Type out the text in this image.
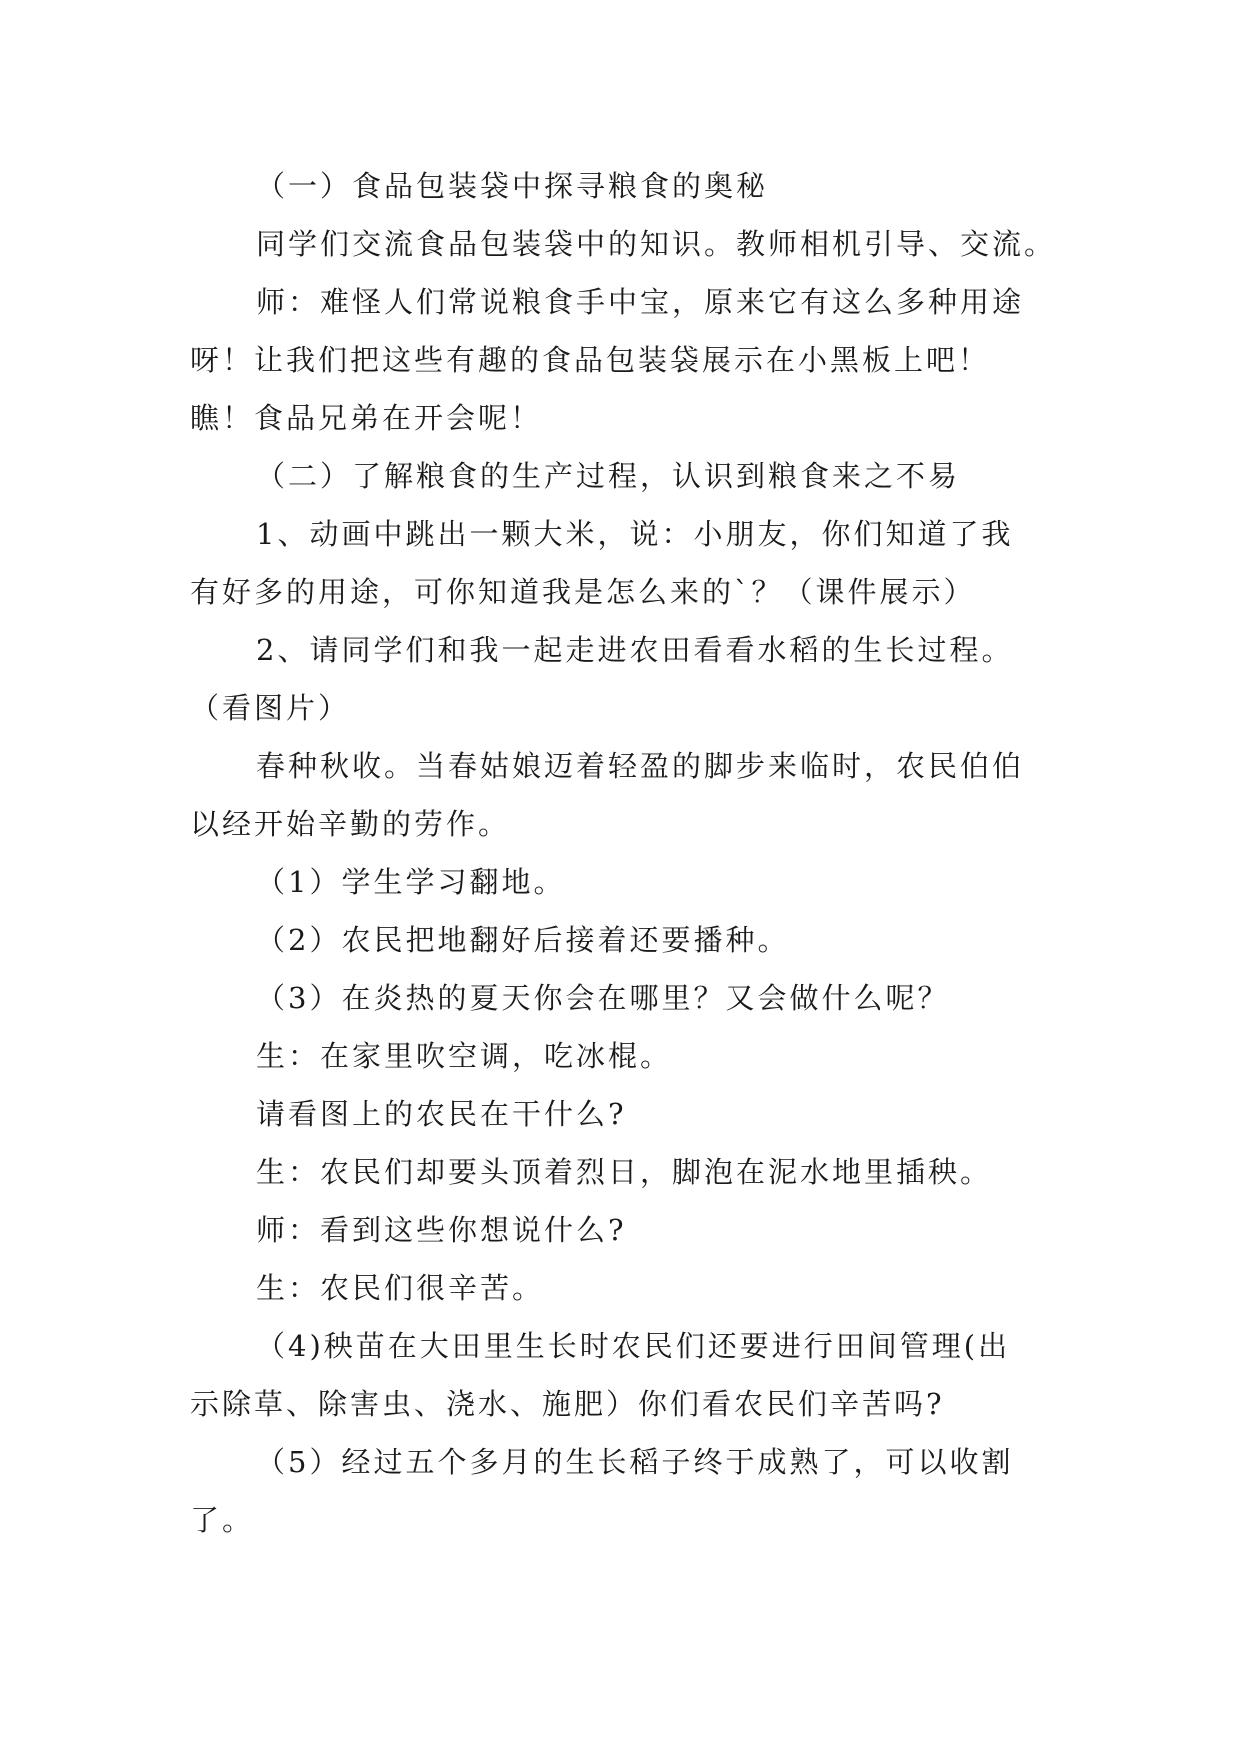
（一）食品包装袋中探寻粮食的奥秘
同学们交流食品包装袋中的知识。教师相机引导、交流。
师：难怪人们常说粮食手中宝，原来它有这么多种用途
呀！让我们把这些有趣的食品包装袋展示在小黑板上吧！
瞧！食品兄弟在开会呢！
（二）了解粮食的生产过程，认识到粮食来之不易
1、动画中跳出一颗大米，说：小朋友，你们知道了我
有好多的用途，可你知道我是怎么来的`？（课件展示）
2、请同学们和我一起走进农田看看水稻的生长过程。
（看图片）
春种秋收。当春姑娘迈着轻盈的脚步来临时，农民伯伯
以经开始辛勤的劳作。
（1）学生学习翻地。
（2）农民把地翻好后接着还要播种。
（3）在炎热的夏天你会在哪里？又会做什么呢？
生：在家里吹空调，吃冰棍。
请看图上的农民在干什么?
生：农民们却要头顶着烈日，脚泡在泥水地里插秧。
师：看到这些你想说什么?
生：农民们很辛苦。
（4)秧苗在大田里生长时农民们还要进行田间管理(出
示除草、除害虫、浇水、施肥）你们看农民们辛苦吗?
（5）经过五个多月的生长稻子终于成熟了，可以收割
了。
